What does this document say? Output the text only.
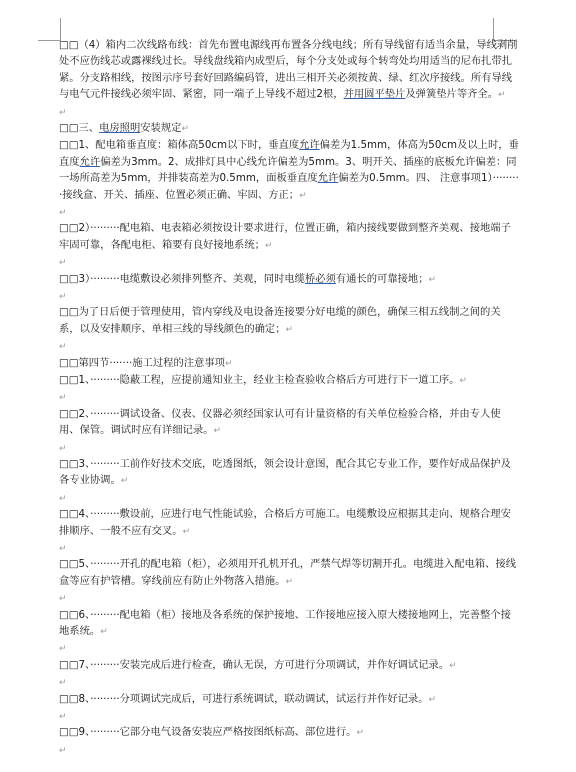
□□（4）箱内二次线路布线：首先布置电源线再布置各分线电线；所有导线留有适当余量，导线剥削处不应伤线芯或露裸线过长。导线盘线箱内成型后，每个分支处或每个转弯处均用适当的尼布扎带扎紧。分支路相线，按图示序号套好回路编码管，进出三相开关必须按黄、绿、红次序接线。所有导线与电气元件接线必须牢固、紧密，同一端子上导线不超过2根，并用圆平垫片及弹簧垫片等齐全。↵

↵

□□三、电房照明安装规定↵

□□1、配电箱垂直度：箱体高50cm以下时，垂直度允许偏差为1.5mm，体高为50cm及以上时，垂直度允许偏差为3mm。2、成排灯具中心线允许偏差为5mm。3、明开关、插座的底板允许偏差：同一场所高差为5mm，并排装高差为0.5mm，面板垂直度允许偏差为0.5mm。四、 注意事项1）·········接线盒、开关、插座、位置必须正确、牢固、方正；↵

↵

□□2）·········配电箱、电表箱必须按设计要求进行，位置正确，箱内接线要做到整齐美观、接地端子牢固可靠，各配电柜、箱要有良好接地系统；↵

↵

□□3）·········电缆敷设必须排列整齐、美观，同时电缆桥必须有通长的可靠接地；↵

↵

□□为了日后便于管理使用，管内穿线及电设备连接要分好电缆的颜色，确保三相五线制之间的关系，以及安排顺序、单相三线的导线颜色的确定；↵

↵

□□第四节·······施工过程的注意事项↵

□□1、·········隐蔽工程，应提前通知业主，经业主检查验收合格后方可进行下一道工序。↵

↵

□□2、·········调试设备、仪表、仪器必须经国家认可有计量资格的有关单位检验合格，并由专人使用、保管。调试时应有详细记录。↵

↵

□□3、·········工前作好技术交底，吃透图纸，领会设计意图，配合其它专业工作，要作好成品保护及各专业协调。↵

↵

□□4、·········敷设前，应进行电气性能试验，合格后方可施工。电缆敷设应根据其走向、规格合理安排顺序、一般不应有交叉。↵

↵

□□5、·········开孔的配电箱（柜），必须用开孔机开孔，严禁气焊等切割开孔。电缆进入配电箱、接线盒等应有护管槽。穿线前应有防止外物落入措施。↵

↵

□□6、·········配电箱（柜）接地及各系统的保护接地、工作接地应接入原大楼接地网上，完善整个接地系统。↵

↵

□□7、·········安装完成后进行检查，确认无误，方可进行分项调试，并作好调试记录。↵

↵

□□8、·········分项调试完成后，可进行系统调试，联动调试，试运行并作好记录。↵

↵

□□9、·········它部分电气设备安装应严格按图纸标高、部位进行。↵

↵
